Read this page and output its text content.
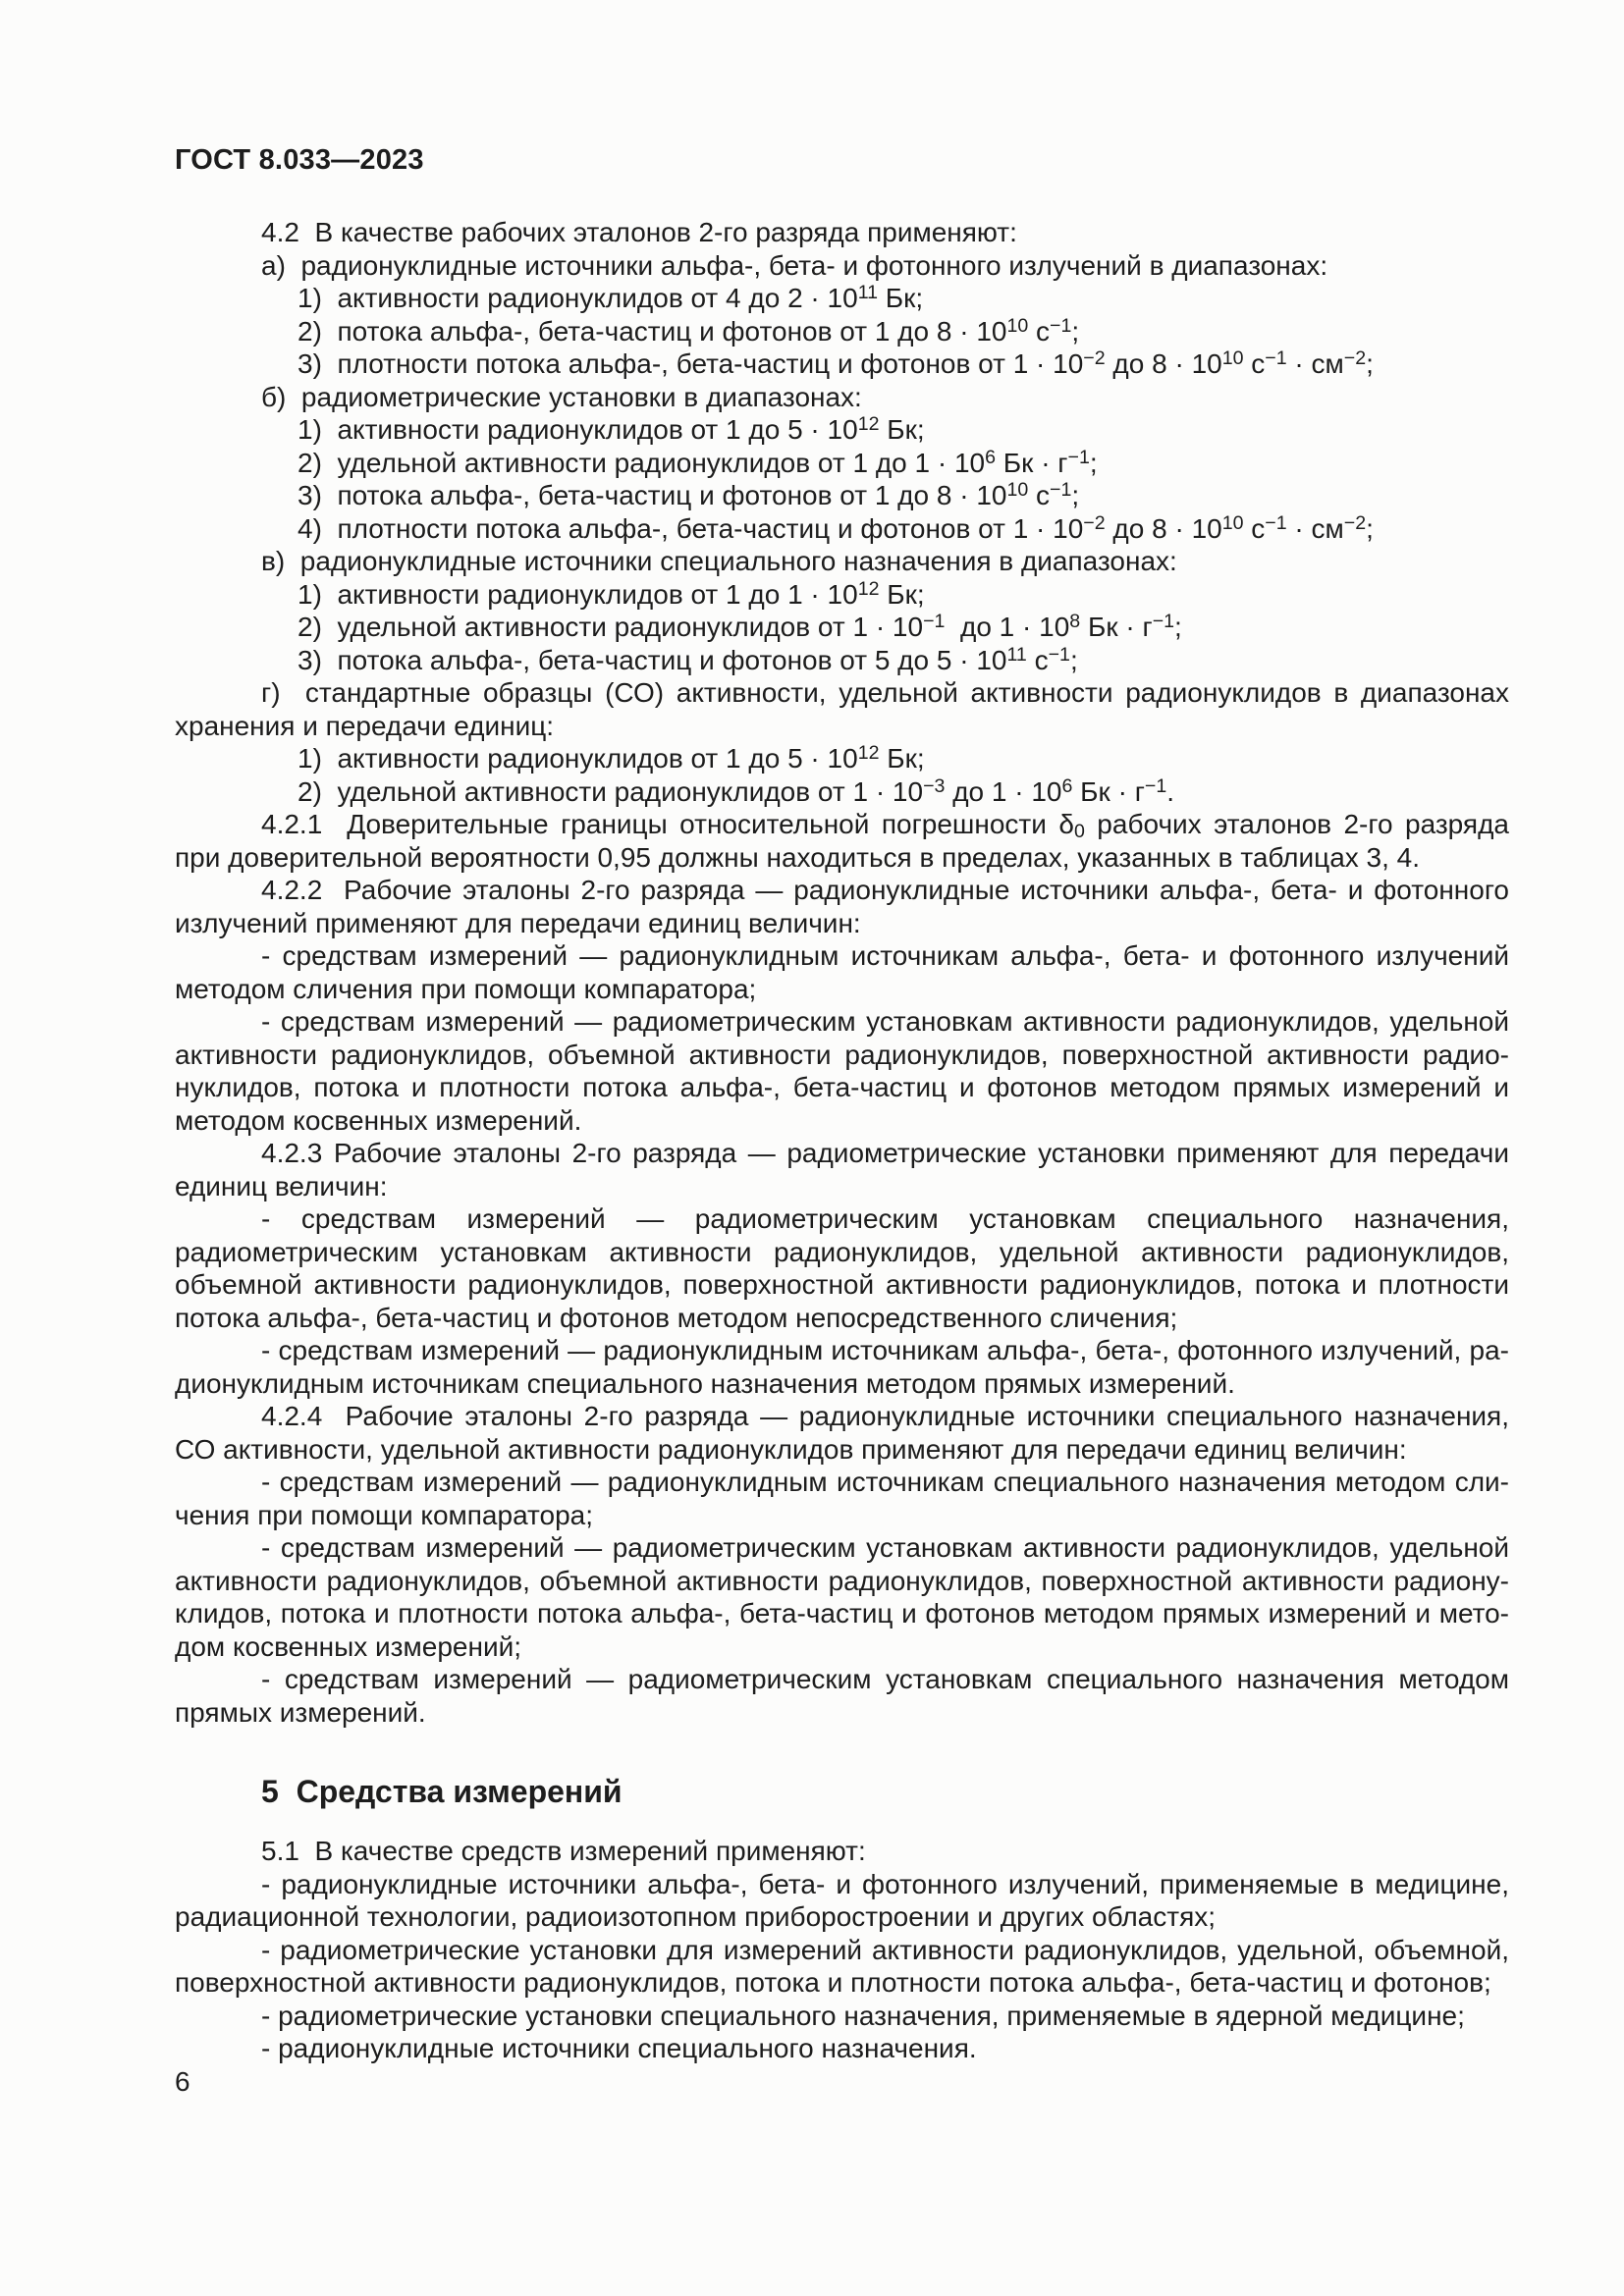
ГОСТ 8.033—2023

4.2  В качестве рабочих эталонов 2-го разряда применяют:

а)  радионуклидные источники альфа-, бета- и фотонного излучений в диапазонах:

1)  активности радионуклидов от 4 до $2 \cdot 10^{11}$ Бк;

2)  потока альфа-, бета-частиц и фотонов от 1 до $8 \cdot 10^{10}$ $с^{-1}$;

3)  плотности потока альфа-, бета-частиц и фотонов от $1 \cdot 10^{-2}$ до $8 \cdot 10^{10}$ $с^{-1} \cdot см^{-2}$;

б)  радиометрические установки в диапазонах:

1)  активности радионуклидов от 1 до $5 \cdot 10^{12}$ Бк;

2)  удельной активности радионуклидов от 1 до $1 \cdot 10^6$ Бк · $г^{-1}$;

3)  потока альфа-, бета-частиц и фотонов от 1 до $8 \cdot 10^{10}$ $с^{-1}$;

4)  плотности потока альфа-, бета-частиц и фотонов от $1 \cdot 10^{-2}$ до $8 \cdot 10^{10}$ $с^{-1} \cdot см^{-2}$;

в)  радионуклидные источники специального назначения в диапазонах:

1)  активности радионуклидов от 1 до $1 \cdot 10^{12}$ Бк;

2)  удельной активности радионуклидов от $1 \cdot 10^{-1}$  до $1 \cdot 10^8$ Бк · $г^{-1}$;

3)  потока альфа-, бета-частиц и фотонов от 5 до $5 \cdot 10^{11}$ $с^{-1}$;

г)  стандартные образцы (СО) активности, удельной активности радионуклидов в диапазонах хранения и передачи единиц:

1)  активности радионуклидов от 1 до $5 \cdot 10^{12}$ Бк;

2)  удельной активности радионуклидов от $1 \cdot 10^{-3}$ до $1 \cdot 10^6$ Бк · $г^{-1}$.

4.2.1  Доверительные границы относительной погрешности $\delta_0$ рабочих эталонов 2-го разряда при доверительной вероятности 0,95 должны находиться в пределах, указанных в таблицах 3, 4.

4.2.2  Рабочие эталоны 2-го разряда — радионуклидные источники альфа-, бета- и фотонного излучений применяют для передачи единиц величин:

- средствам измерений — радионуклидным источникам альфа-, бета- и фотонного излучений методом сличения при помощи компаратора;

- средствам измерений — радиометрическим установкам активности радионуклидов, удельной активности радионуклидов, объемной активности радионуклидов, поверхностной активности радионуклидов, потока и плотности потока альфа-, бета-частиц и фотонов методом прямых измерений и методом косвенных измерений.

4.2.3 Рабочие эталоны 2-го разряда — радиометрические установки применяют для передачи единиц величин:

- средствам измерений — радиометрическим установкам специального назначения, радиометрическим установкам активности радионуклидов, удельной активности радионуклидов, объемной активности радионуклидов, поверхностной активности радионуклидов, потока и плотности потока альфа-, бета-частиц и фотонов методом непосредственного сличения;

- средствам измерений — радионуклидным источникам альфа-, бета-, фотонного излучений, радионуклидным источникам специального назначения методом прямых измерений.

4.2.4  Рабочие эталоны 2-го разряда — радионуклидные источники специального назначения, СО активности, удельной активности радионуклидов применяют для передачи единиц величин:

- средствам измерений — радионуклидным источникам специального назначения методом сличения при помощи компаратора;

- средствам измерений — радиометрическим установкам активности радионуклидов, удельной активности радионуклидов, объемной активности радионуклидов, поверхностной активности радионуклидов, потока и плотности потока альфа-, бета-частиц и фотонов методом прямых измерений и методом косвенных измерений;

- средствам измерений — радиометрическим установкам специального назначения методом прямых измерений.

5  Средства измерений

5.1  В качестве средств измерений применяют:

- радионуклидные источники альфа-, бета- и фотонного излучений, применяемые в медицине, радиационной технологии, радиоизотопном приборостроении и других областях;

- радиометрические установки для измерений активности радионуклидов, удельной, объемной, поверхностной активности радионуклидов, потока и плотности потока альфа-, бета-частиц и фотонов;

- радиометрические установки специального назначения, применяемые в ядерной медицине;

- радионуклидные источники специального назначения.

6
